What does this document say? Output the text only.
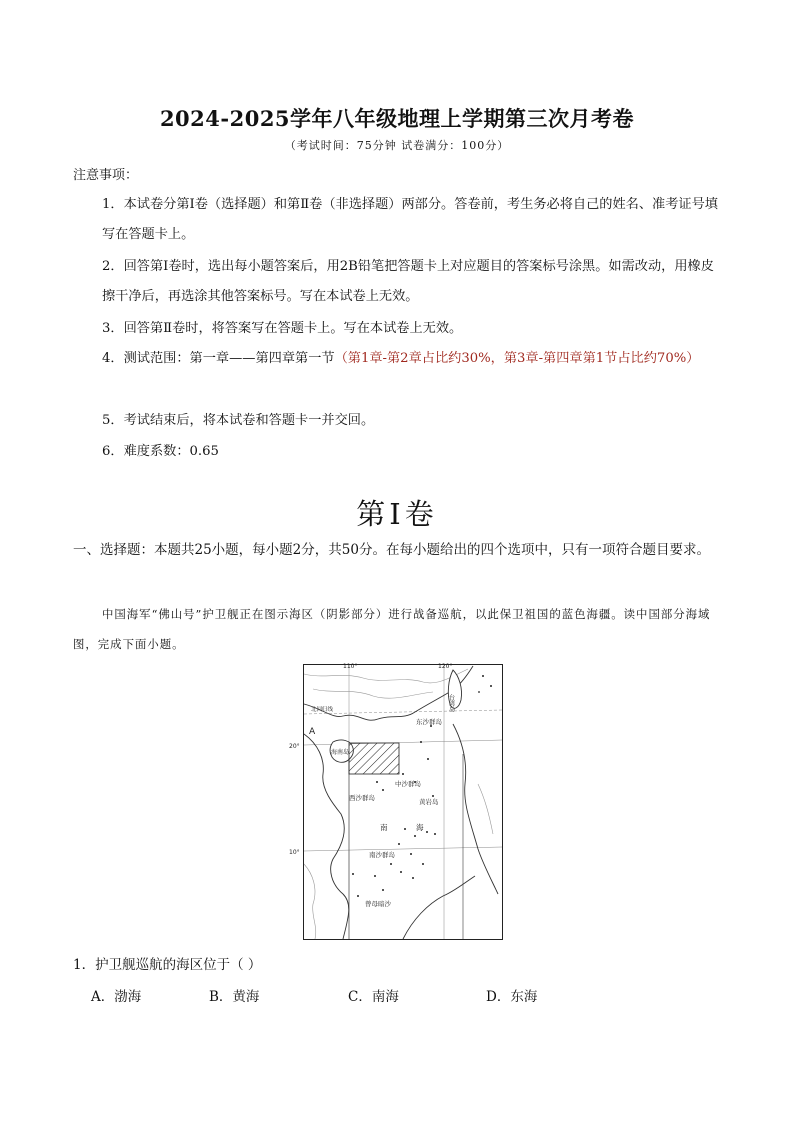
2024-2025学年八年级地理上学期第三次月考卷
（考试时间：75分钟 试卷满分：100分）
注意事项：
1．本试卷分第Ⅰ卷（选择题）和第Ⅱ卷（非选择题）两部分。答卷前，考生务必将自己的姓名、准考证号填写在答题卡上。
2．回答第Ⅰ卷时，选出每小题答案后，用2B铅笔把答题卡上对应题目的答案标号涂黑。如需改动，用橡皮擦干净后，再选涂其他答案标号。写在本试卷上无效。
3．回答第Ⅱ卷时，将答案写在答题卡上。写在本试卷上无效。
4．测试范围：第一章——第四章第一节（第1章-第2章占比约30%，第3章-第四章第1节占比约70%）
5．考试结束后，将本试卷和答题卡一并交回。
6．难度系数：0.65
第Ⅰ卷
一、选择题：本题共25小题，每小题2分，共50分。在每小题给出的四个选项中，只有一项符合题目要求。
中国海军“佛山号”护卫舰正在图示海区（阴影部分）进行战备巡航，以此保卫祖国的蓝色海疆。读中国部分海域图，完成下面小题。
110°	120°
20°
10°
北回归线
A
台湾岛
东沙群岛
海南岛
中沙群岛
西沙群岛	黄岩岛
南	海
南沙群岛
曾母暗沙
1．护卫舰巡航的海区位于（ ）
A．渤海	B．黄海	C．南海	D．东海
